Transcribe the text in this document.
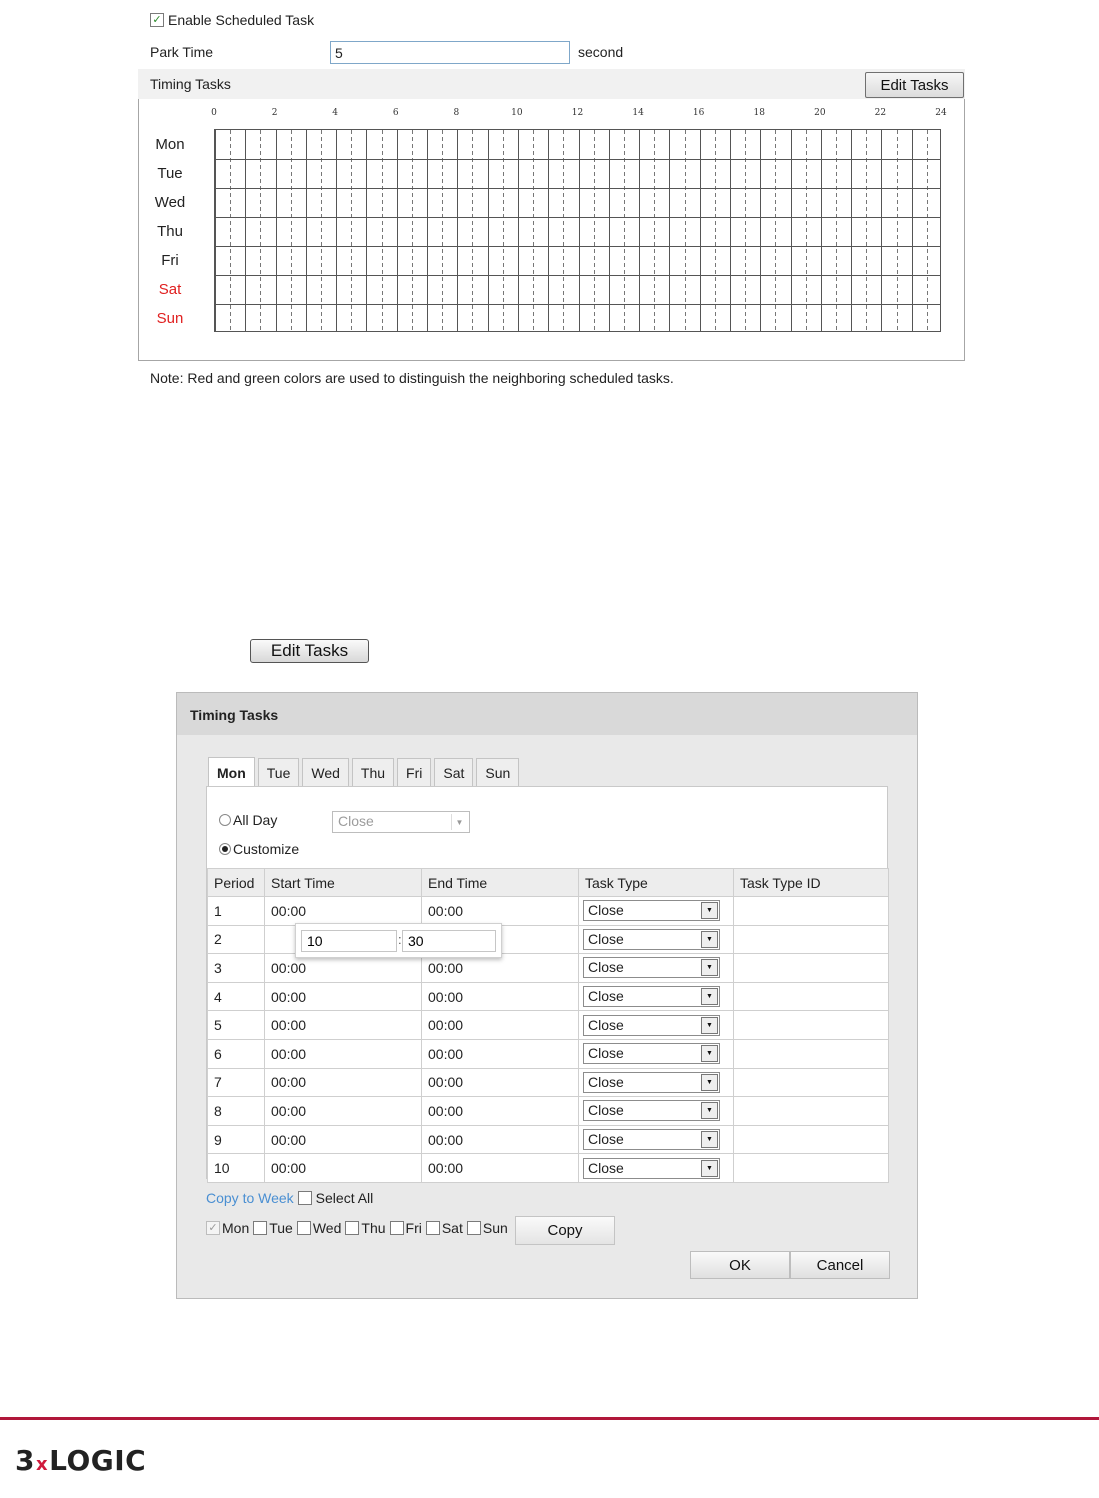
✓ Enable Scheduled Task
Park Time
5	second
Timing Tasks	Edit Tasks
0	2	4	6	8	10	12	14	16	18	20	22	24
Mon
Tue
Wed
Thu
Fri
Sat
Sun
Note: Red and green colors are used to distinguish the neighboring scheduled tasks.
Edit Tasks
Timing Tasks
Mon	Tue	Wed	Thu	Fri	Sat	Sun
All Day	Close	▼
Customize
Period	Start Time	End Time	Task Type	Task Type ID
1	00:00	00:00	Close ▼	

2			Close ▼	

3	00:00	00:00	Close ▼	

4	00:00	00:00	Close ▼	

5	00:00	00:00	Close ▼	

6	00:00	00:00	Close ▼	

7	00:00	00:00	Close ▼	

8	00:00	00:00	Close ▼	

9	00:00	00:00	Close ▼	

10	00:00	00:00	Close ▼	

10
:
30
Copy to Week Select All
✓ Mon Tue Wed Thu Fri Sat Sun	Copy
OK	Cancel
3 x LOGIC
